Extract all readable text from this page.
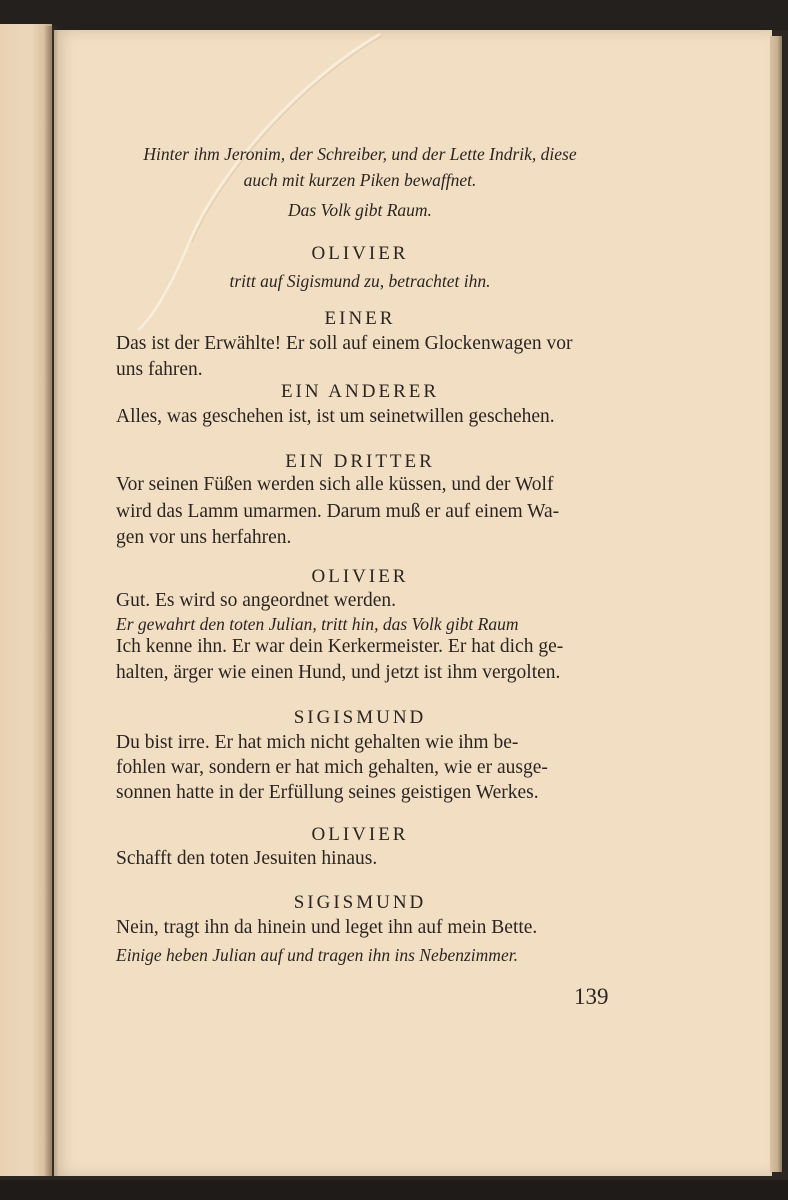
Hinter ihm Jeronim, der Schreiber, und der Lette Indrik, diese
auch mit kurzen Piken bewaffnet.
Das Volk gibt Raum.
OLIVIER
tritt auf Sigismund zu, betrachtet ihn.
EINER
Das ist der Erwählte! Er soll auf einem Glockenwagen vor
uns fahren.
EIN ANDERER
Alles, was geschehen ist, ist um seinetwillen geschehen.
EIN DRITTER
Vor seinen Füßen werden sich alle küssen, und der Wolf
wird das Lamm umarmen. Darum muß er auf einem Wa-
gen vor uns herfahren.
OLIVIER
Gut. Es wird so angeordnet werden.
Er gewahrt den toten Julian, tritt hin, das Volk gibt Raum
Ich kenne ihn. Er war dein Kerkermeister. Er hat dich ge-
halten, ärger wie einen Hund, und jetzt ist ihm vergolten.
SIGISMUND
Du bist irre. Er hat mich nicht gehalten wie ihm be-
fohlen war, sondern er hat mich gehalten, wie er ausge-
sonnen hatte in der Erfüllung seines geistigen Werkes.
OLIVIER
Schafft den toten Jesuiten hinaus.
SIGISMUND
Nein, tragt ihn da hinein und leget ihn auf mein Bette.
Einige heben Julian auf und tragen ihn ins Nebenzimmer.
139
